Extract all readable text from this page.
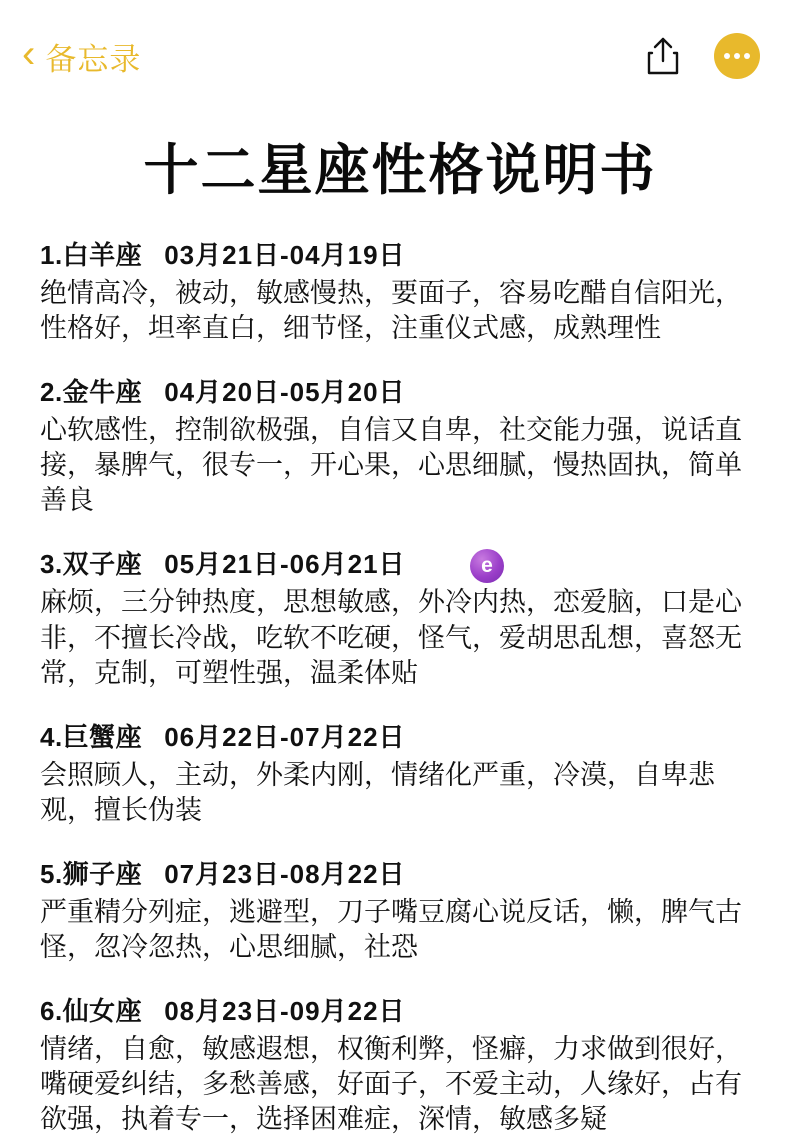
‹ 备忘录
十二星座性格说明书
1.白羊座 03月21日-04月19日
绝情高冷，被动，敏感慢热，要面子，容易吃醋自信阳光，性格好，坦率直白，细节怪，注重仪式感，成熟理性
2.金牛座 04月20日-05月20日
心软感性，控制欲极强，自信又自卑，社交能力强，说话直接，暴脾气，很专一，开心果，心思细腻，慢热固执，简单善良
3.双子座 05月21日-06月21日
麻烦，三分钟热度，思想敏感，外冷内热，恋爱脑，口是心非，不擅长冷战，吃软不吃硬，怪气，爱胡思乱想，喜怒无常，克制，可塑性强，温柔体贴
4.巨蟹座 06月22日-07月22日
会照顾人，主动，外柔内刚，情绪化严重，冷漠，自卑悲观，擅长伪装
5.狮子座 07月23日-08月22日
严重精分列症，逃避型，刀子嘴豆腐心说反话，懒，脾气古怪，忽冷忽热，心思细腻，社恐
6.仙女座 08月23日-09月22日
情绪，自愈，敏感遐想，权衡利弊，怪癖，力求做到很好，嘴硬爱纠结，多愁善感，好面子，不爱主动，人缘好，占有欲强，执着专一，选择困难症，深情，敏感多疑
e
